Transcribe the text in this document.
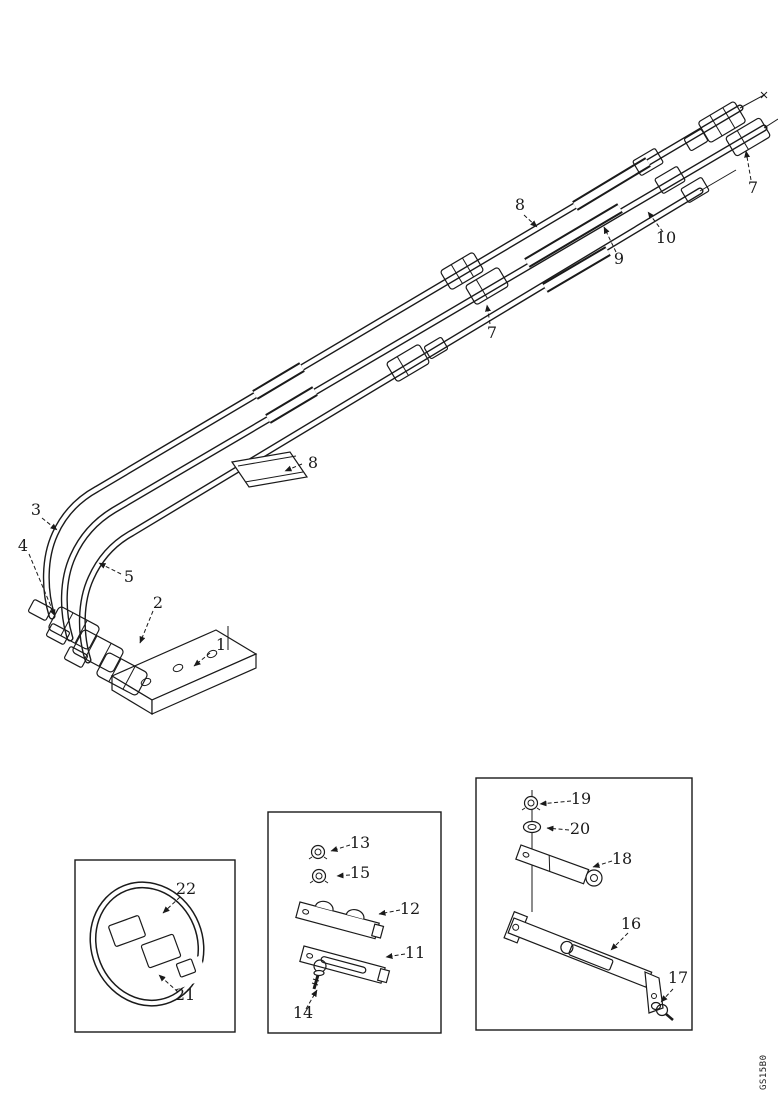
8
10
9
7
7
8
3
4
5
2
1
22
21
13
15
12
11
14
19
20
18
16
17
GS15B0
